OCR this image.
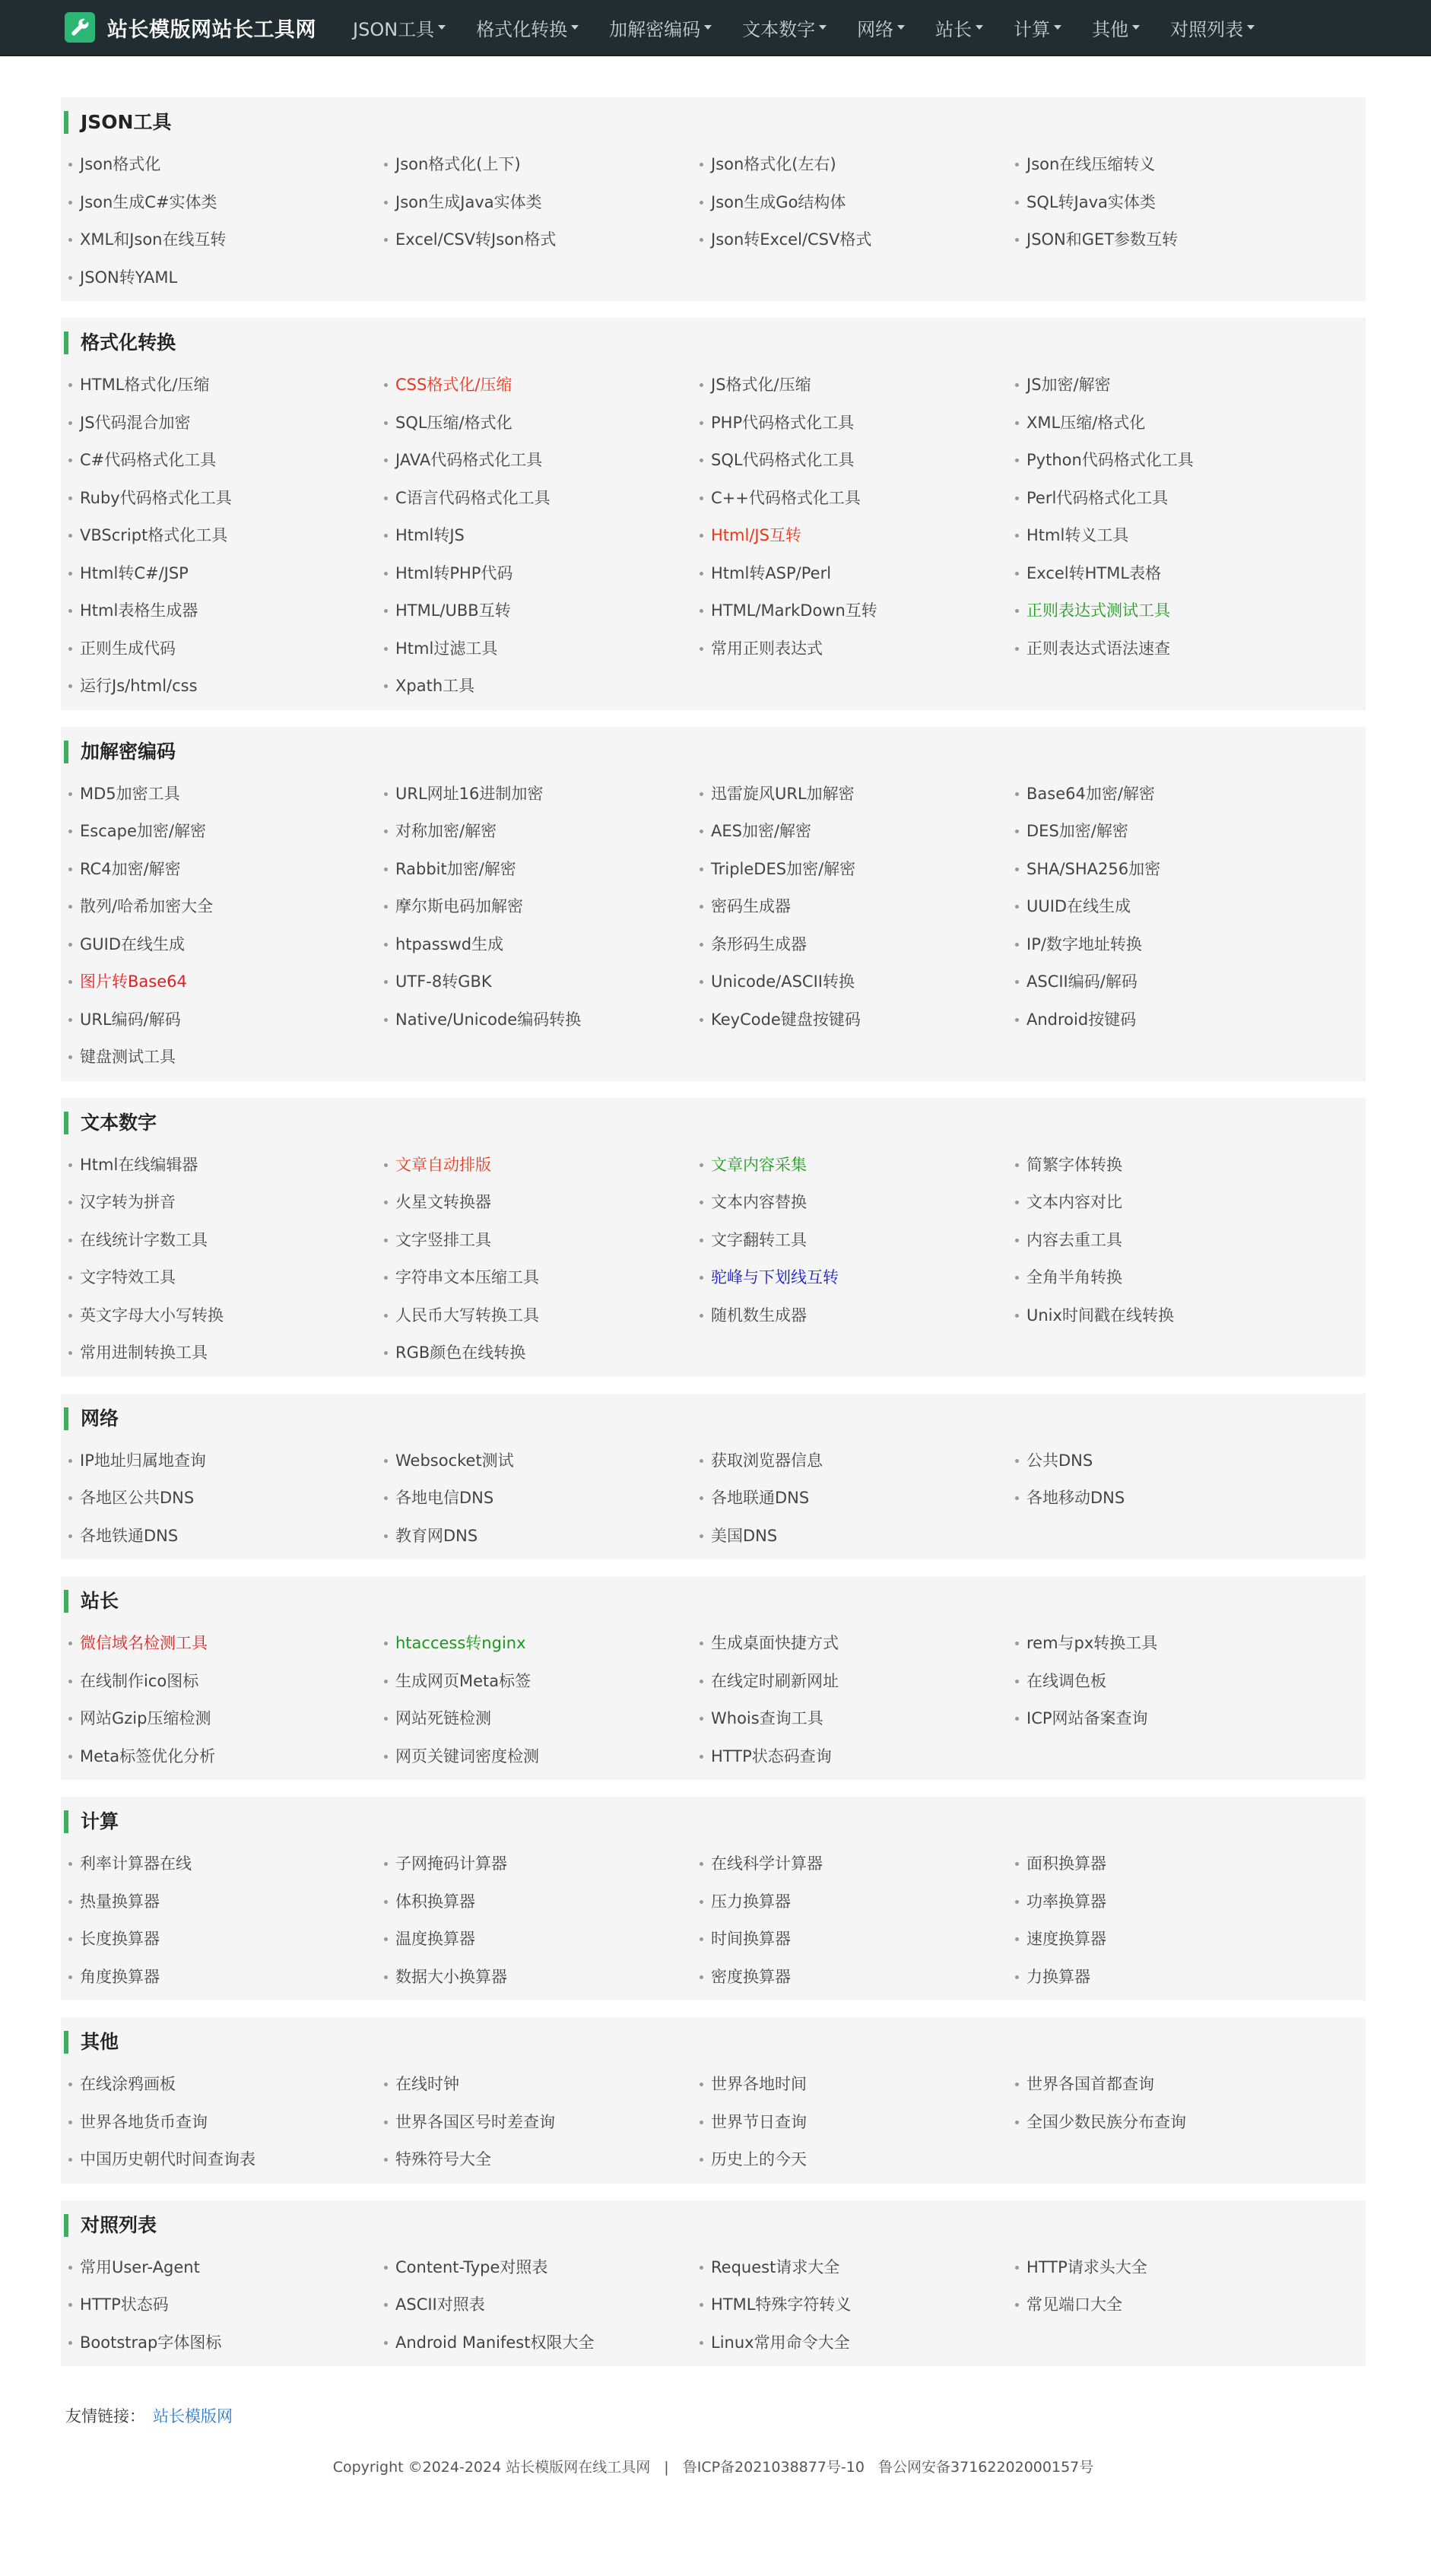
站长模版网站长工具网 JSON工具 格式化转换 加解密编码 文本数字 网络 站长 计算 其他 对照列表
JSON工具
Json格式化	Json格式化(上下)	Json格式化(左右)	Json在线压缩转义
Json生成C#实体类	Json生成Java实体类	Json生成Go结构体	SQL转Java实体类
XML和Json在线互转	Excel/CSV转Json格式	Json转Excel/CSV格式	JSON和GET参数互转
JSON转YAML
格式化转换
HTML格式化/压缩	CSS格式化/压缩	JS格式化/压缩	JS加密/解密
JS代码混合加密	SQL压缩/格式化	PHP代码格式化工具	XML压缩/格式化
C#代码格式化工具	JAVA代码格式化工具	SQL代码格式化工具	Python代码格式化工具
Ruby代码格式化工具	C语言代码格式化工具	C++代码格式化工具	Perl代码格式化工具
VBScript格式化工具	Html转JS	Html/JS互转	Html转义工具
Html转C#/JSP	Html转PHP代码	Html转ASP/Perl	Excel转HTML表格
Html表格生成器	HTML/UBB互转	HTML/MarkDown互转	正则表达式测试工具
正则生成代码	Html过滤工具	常用正则表达式	正则表达式语法速查
运行Js/html/css	Xpath工具
加解密编码
MD5加密工具	URL网址16进制加密	迅雷旋风URL加解密	Base64加密/解密
Escape加密/解密	对称加密/解密	AES加密/解密	DES加密/解密
RC4加密/解密	Rabbit加密/解密	TripleDES加密/解密	SHA/SHA256加密
散列/哈希加密大全	摩尔斯电码加解密	密码生成器	UUID在线生成
GUID在线生成	htpasswd生成	条形码生成器	IP/数字地址转换
图片转Base64	UTF-8转GBK	Unicode/ASCII转换	ASCII编码/解码
URL编码/解码	Native/Unicode编码转换	KeyCode键盘按键码	Android按键码
键盘测试工具
文本数字
Html在线编辑器	文章自动排版	文章内容采集	简繁字体转换
汉字转为拼音	火星文转换器	文本内容替换	文本内容对比
在线统计字数工具	文字竖排工具	文字翻转工具	内容去重工具
文字特效工具	字符串文本压缩工具	驼峰与下划线互转	全角半角转换
英文字母大小写转换	人民币大写转换工具	随机数生成器	Unix时间戳在线转换
常用进制转换工具	RGB颜色在线转换
网络
IP地址归属地查询	Websocket测试	获取浏览器信息	公共DNS
各地区公共DNS	各地电信DNS	各地联通DNS	各地移动DNS
各地铁通DNS	教育网DNS	美国DNS
站长
微信域名检测工具	htaccess转nginx	生成桌面快捷方式	rem与px转换工具
在线制作ico图标	生成网页Meta标签	在线定时刷新网址	在线调色板
网站Gzip压缩检测	网站死链检测	Whois查询工具	ICP网站备案查询
Meta标签优化分析	网页关键词密度检测	HTTP状态码查询
计算
利率计算器在线	子网掩码计算器	在线科学计算器	面积换算器
热量换算器	体积换算器	压力换算器	功率换算器
长度换算器	温度换算器	时间换算器	速度换算器
角度换算器	数据大小换算器	密度换算器	力换算器
其他
在线涂鸦画板	在线时钟	世界各地时间	世界各国首都查询
世界各地货币查询	世界各国区号时差查询	世界节日查询	全国少数民族分布查询
中国历史朝代时间查询表	特殊符号大全	历史上的今天
对照列表
常用User-Agent	Content-Type对照表	Request请求大全	HTTP请求头大全
HTTP状态码	ASCII对照表	HTML特殊字符转义	常见端口大全
Bootstrap字体图标	Android Manifest权限大全	Linux常用命令大全
友情链接： 站长模版网
Copyright ©2024-2024 站长模版网在线工具网 | 鲁ICP备2021038877号-10 鲁公网安备37162202000157号
